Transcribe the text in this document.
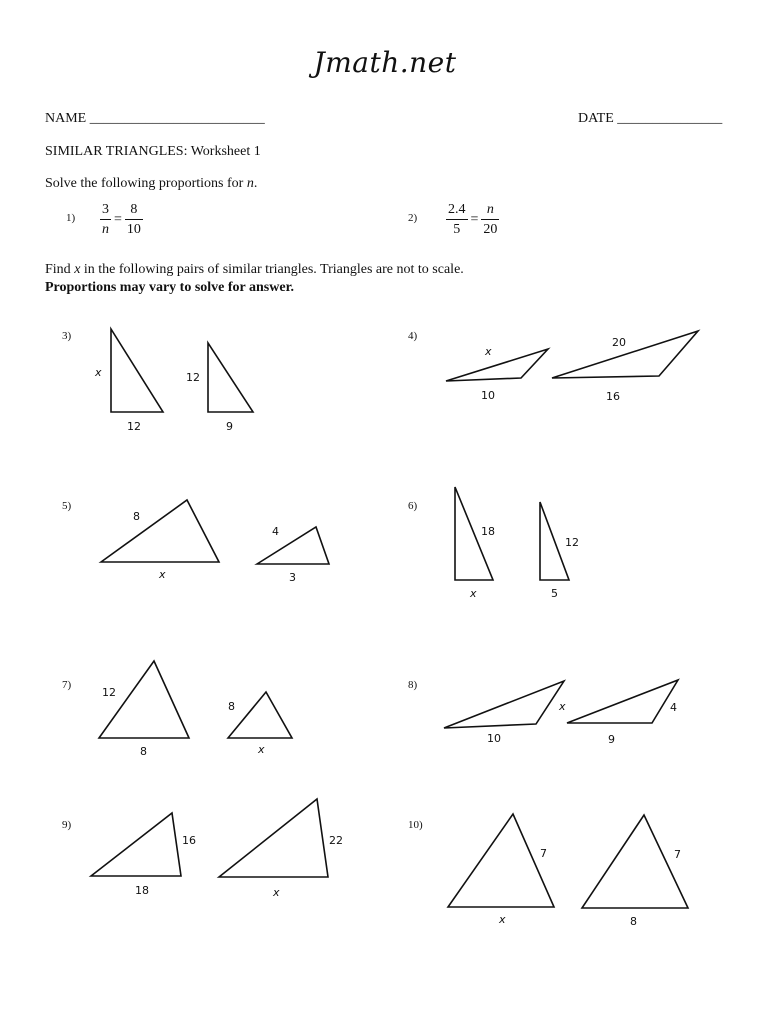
Jmath.net
NAME _________________________	DATE _______________
SIMILAR TRIANGLES: Worksheet 1
Solve the following proportions for n.
$1) \frac{3}{n} = \frac{8}{10}$	$2) \frac{2.4}{5} = \frac{n}{20}$
Find x in the following pairs of similar triangles. Triangles are not to scale.
Proportions may vary to solve for answer.
3)	4)
5)	6)
7)	8)
9)	10)
x
12
12
9
x
10
20
16
8
x
4
3
18
x
12
5
12
8
8
x
x
10
4
9
16
18
22
x
7
x
7
8
